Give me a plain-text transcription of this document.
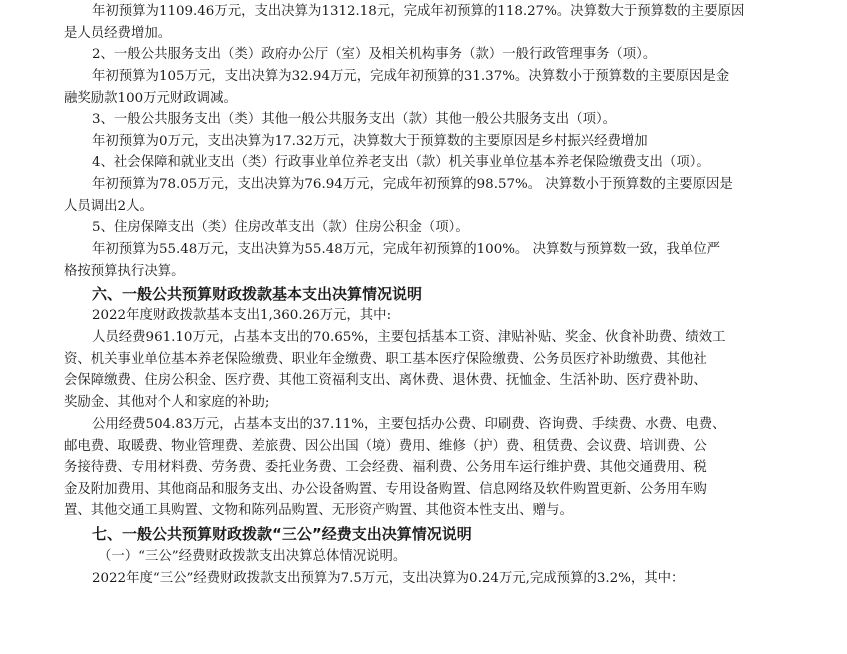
年初预算为1109.46万元，支出决算为1312.18元，完成年初预算的118.27%。决算数大于预算数的主要原因
是人员经费增加。

2、一般公共服务支出（类）政府办公厅（室）及相关机构事务（款）一般行政管理事务（项）。

年初预算为105万元，支出决算为32.94万元，完成年初预算的31.37%。决算数小于预算数的主要原因是金
融奖励款100万元财政调减。

3、一般公共服务支出（类）其他一般公共服务支出（款）其他一般公共服务支出（项）。

年初预算为0万元，支出决算为17.32万元，决算数大于预算数的主要原因是乡村振兴经费增加

4、社会保障和就业支出（类）行政事业单位养老支出（款）机关事业单位基本养老保险缴费支出（项）。

年初预算为78.05万元，支出决算为76.94万元，完成年初预算的98.57%。 决算数小于预算数的主要原因是
人员调出2人。

5、住房保障支出（类）住房改革支出（款）住房公积金（项）。

年初预算为55.48万元，支出决算为55.48万元，完成年初预算的100%。 决算数与预算数一致，我单位严
格按预算执行决算。

六、一般公共预算财政拨款基本支出决算情况说明

2022年度财政拨款基本支出1,360.26万元，其中:

人员经费961.10万元，占基本支出的70.65%，主要包括基本工资、津贴补贴、奖金、伙食补助费、绩效工
资、机关事业单位基本养老保险缴费、职业年金缴费、职工基本医疗保险缴费、公务员医疗补助缴费、其他社
会保障缴费、住房公积金、医疗费、其他工资福利支出、离休费、退休费、抚恤金、生活补助、医疗费补助、
奖励金、其他对个人和家庭的补助;

公用经费504.83万元，占基本支出的37.11%，主要包括办公费、印刷费、咨询费、手续费、水费、电费、
邮电费、取暖费、物业管理费、差旅费、因公出国（境）费用、维修（护）费、租赁费、会议费、培训费、公
务接待费、专用材料费、劳务费、委托业务费、工会经费、福利费、公务用车运行维护费、其他交通费用、税
金及附加费用、其他商品和服务支出、办公设备购置、专用设备购置、信息网络及软件购置更新、公务用车购
置、其他交通工具购置、文物和陈列品购置、无形资产购置、其他资本性支出、赠与。

七、一般公共预算财政拨款“三公”经费支出决算情况说明

（一）“三公”经费财政拨款支出决算总体情况说明。

2022年度“三公”经费财政拨款支出预算为7.5万元，支出决算为0.24万元,完成预算的3.2%，其中：
